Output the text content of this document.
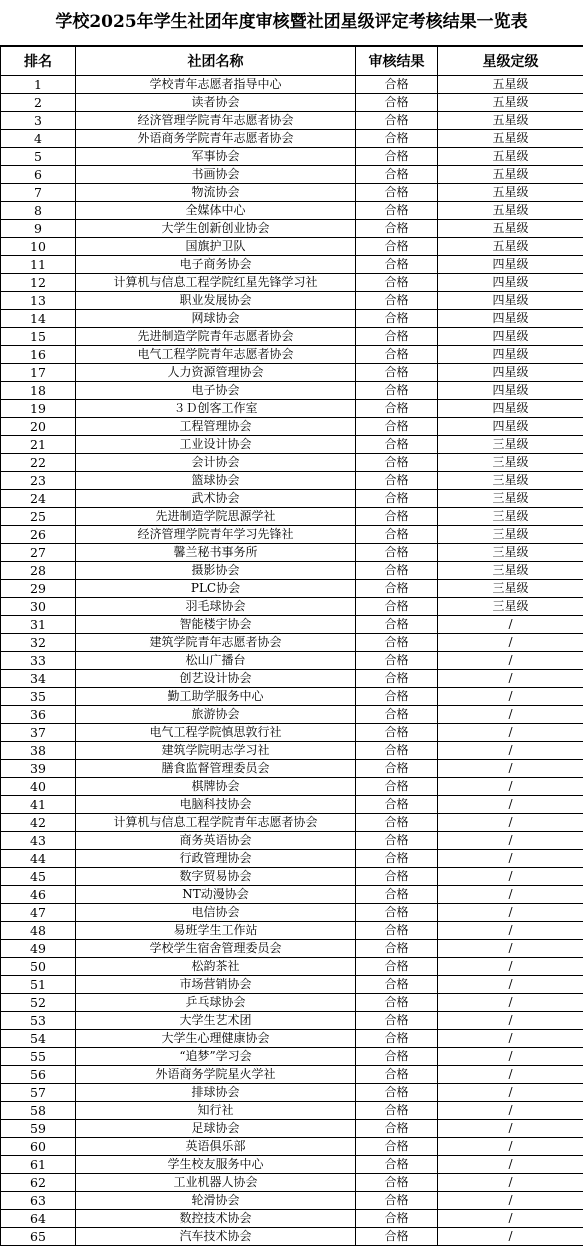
学校2025年学生社团年度审核暨社团星级评定考核结果一览表
排名	社团名称	审核结果	星级定级
1	学校青年志愿者指导中心	合格	五星级
2	读者协会	合格	五星级
3	经济管理学院青年志愿者协会	合格	五星级
4	外语商务学院青年志愿者协会	合格	五星级
5	军事协会	合格	五星级
6	书画协会	合格	五星级
7	物流协会	合格	五星级
8	全媒体中心	合格	五星级
9	大学生创新创业协会	合格	五星级
10	国旗护卫队	合格	五星级
11	电子商务协会	合格	四星级
12	计算机与信息工程学院红星先锋学习社	合格	四星级
13	职业发展协会	合格	四星级
14	网球协会	合格	四星级
15	先进制造学院青年志愿者协会	合格	四星级
16	电气工程学院青年志愿者协会	合格	四星级
17	人力资源管理协会	合格	四星级
18	电子协会	合格	四星级
19	３Ｄ创客工作室	合格	四星级
20	工程管理协会	合格	四星级
21	工业设计协会	合格	三星级
22	会计协会	合格	三星级
23	篮球协会	合格	三星级
24	武术协会	合格	三星级
25	先进制造学院思源学社	合格	三星级
26	经济管理学院青年学习先锋社	合格	三星级
27	馨兰秘书事务所	合格	三星级
28	摄影协会	合格	三星级
29	PLC协会	合格	三星级
30	羽毛球协会	合格	三星级
31	智能楼宇协会	合格	/
32	建筑学院青年志愿者协会	合格	/
33	松山广播台	合格	/
34	创艺设计协会	合格	/
35	勤工助学服务中心	合格	/
36	旅游协会	合格	/
37	电气工程学院慎思敦行社	合格	/
38	建筑学院明志学习社	合格	/
39	膳食监督管理委员会	合格	/
40	棋牌协会	合格	/
41	电脑科技协会	合格	/
42	计算机与信息工程学院青年志愿者协会	合格	/
43	商务英语协会	合格	/
44	行政管理协会	合格	/
45	数字贸易协会	合格	/
46	NT动漫协会	合格	/
47	电信协会	合格	/
48	易班学生工作站	合格	/
49	学校学生宿舍管理委员会	合格	/
50	松韵茶社	合格	/
51	市场营销协会	合格	/
52	乒乓球协会	合格	/
53	大学生艺术团	合格	/
54	大学生心理健康协会	合格	/
55	“追梦”学习会	合格	/
56	外语商务学院星火学社	合格	/
57	排球协会	合格	/
58	知行社	合格	/
59	足球协会	合格	/
60	英语俱乐部	合格	/
61	学生校友服务中心	合格	/
62	工业机器人协会	合格	/
63	轮滑协会	合格	/
64	数控技术协会	合格	/
65	汽车技术协会	合格	/
